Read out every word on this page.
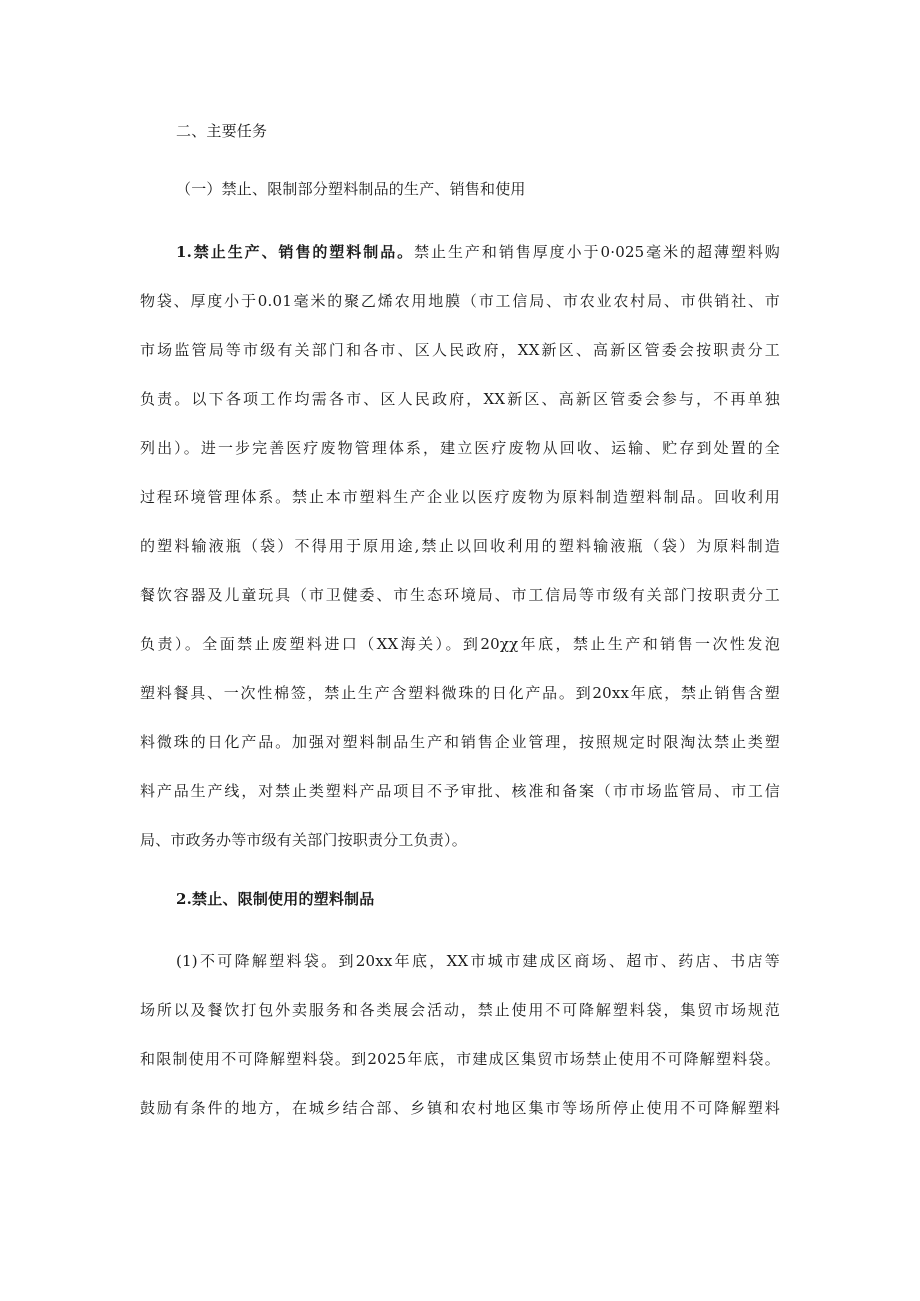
二、主要任务
（一）禁止、限制部分塑料制品的生产、销售和使用
1.禁止生产、销售的塑料制品。禁止生产和销售厚度小于0·025毫米的超薄塑料购
物袋、厚度小于0.01毫米的聚乙烯农用地膜（市工信局、市农业农村局、市供销社、市
市场监管局等市级有关部门和各市、区人民政府，XX新区、高新区管委会按职责分工
负责。以下各项工作均需各市、区人民政府，XX新区、高新区管委会参与，不再单独
列出）。进一步完善医疗废物管理体系，建立医疗废物从回收、运输、贮存到处置的全
过程环境管理体系。禁止本市塑料生产企业以医疗废物为原料制造塑料制品。回收利用
的塑料输液瓶（袋）不得用于原用途,禁止以回收利用的塑料输液瓶（袋）为原料制造
餐饮容器及儿童玩具（市卫健委、市生态环境局、市工信局等市级有关部门按职责分工
负责）。全面禁止废塑料进口（XX海关）。到20χχ年底，禁止生产和销售一次性发泡
塑料餐具、一次性棉签，禁止生产含塑料微珠的日化产品。到20xx年底，禁止销售含塑
料微珠的日化产品。加强对塑料制品生产和销售企业管理，按照规定时限淘汰禁止类塑
料产品生产线，对禁止类塑料产品项目不予审批、核准和备案（市市场监管局、市工信
局、市政务办等市级有关部门按职责分工负责）。
2.禁止、限制使用的塑料制品
(1)不可降解塑料袋。到20xx年底，XX市城市建成区商场、超市、药店、书店等
场所以及餐饮打包外卖服务和各类展会活动，禁止使用不可降解塑料袋，集贸市场规范
和限制使用不可降解塑料袋。到2025年底，市建成区集贸市场禁止使用不可降解塑料袋。
鼓励有条件的地方，在城乡结合部、乡镇和农村地区集市等场所停止使用不可降解塑料
